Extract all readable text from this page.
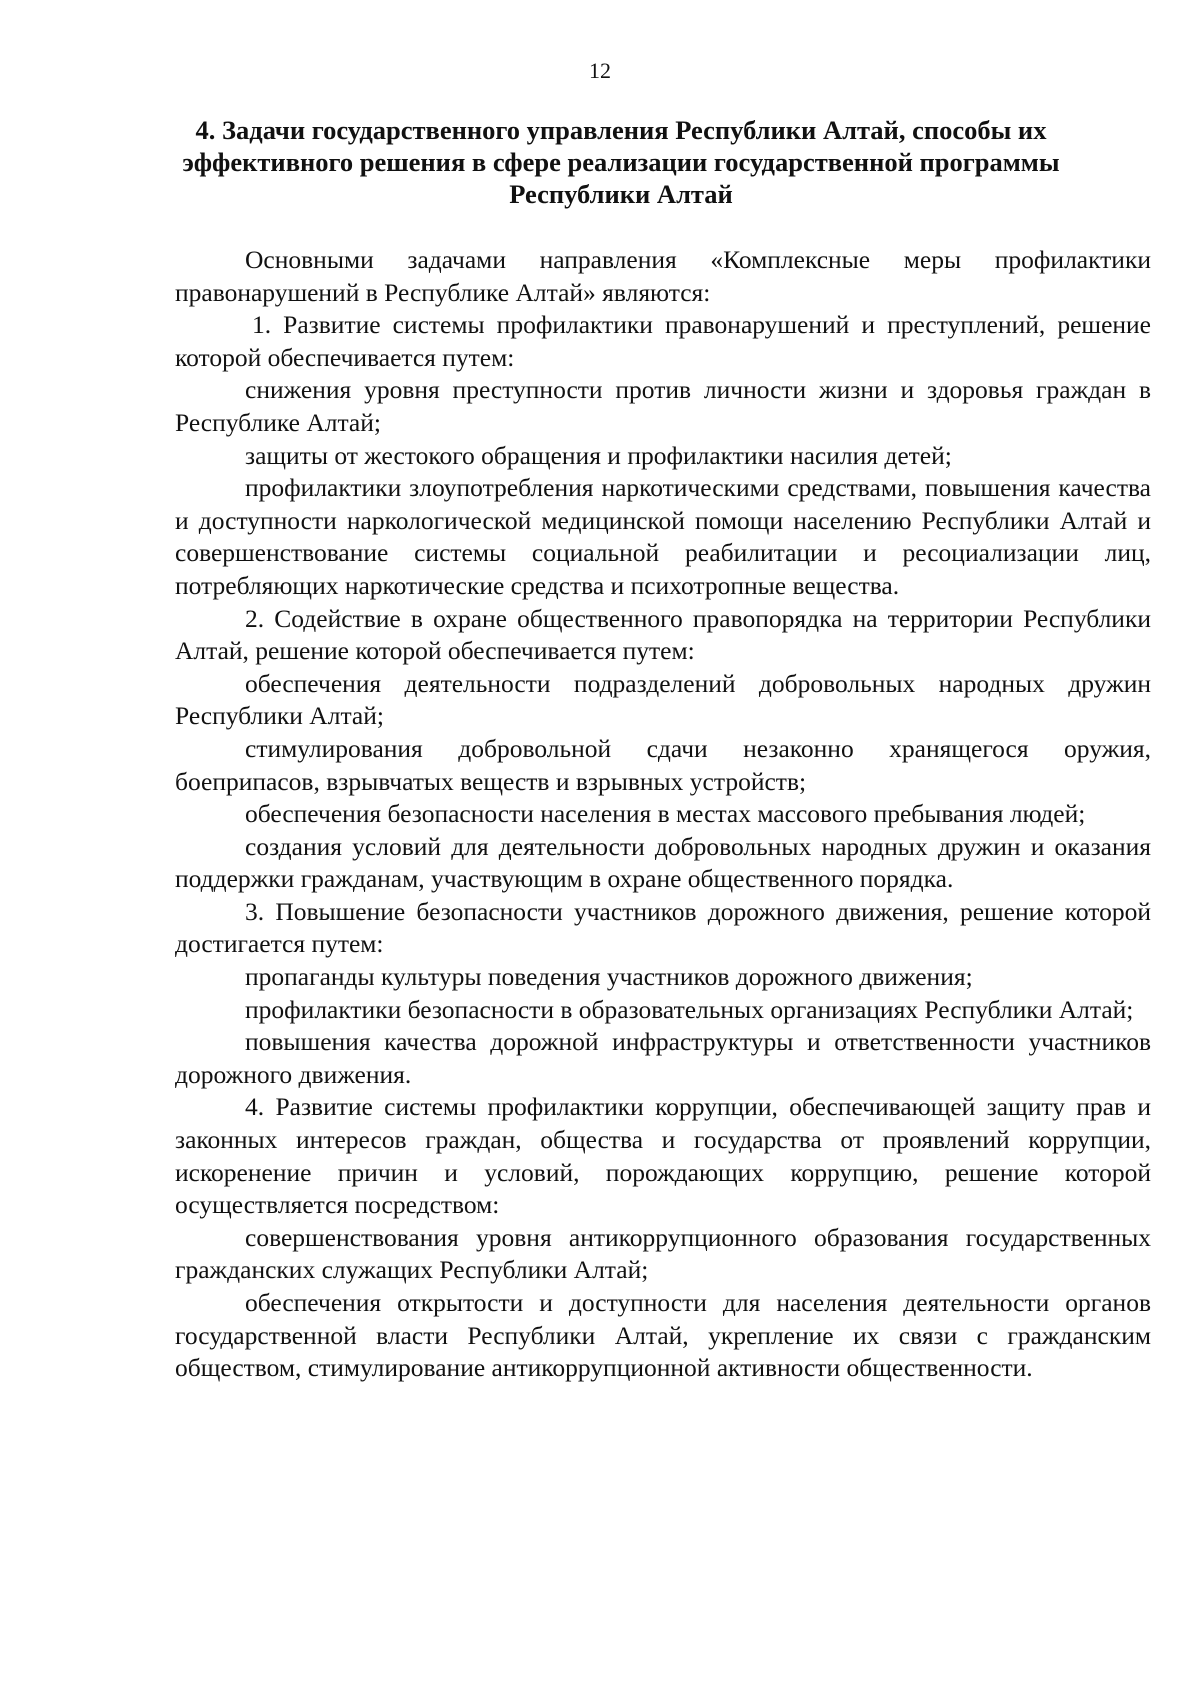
12
4. Задачи государственного управления Республики Алтай, способы их
эффективного решения в сфере реализации государственной программы
Республики Алтай

Основными задачами направления «Комплексные меры профилактики правонарушений в Республике Алтай» являются:

1. Развитие системы профилактики правонарушений и преступлений, решение которой обеспечивается путем:

снижения уровня преступности против личности жизни и здоровья граждан в Республике Алтай;

защиты от жестокого обращения и профилактики насилия детей;

профилактики злоупотребления наркотическими средствами, повышения качества и доступности наркологической медицинской помощи населению Республики Алтай и совершенствование системы социальной реабилитации и ресоциализации лиц, потребляющих наркотические средства и психотропные вещества.

2. Содействие в охране общественного правопорядка на территории Республики Алтай, решение которой обеспечивается путем:

обеспечения деятельности подразделений добровольных народных дружин Республики Алтай;

стимулирования добровольной сдачи незаконно хранящегося оружия, боеприпасов, взрывчатых веществ и взрывных устройств;

обеспечения безопасности населения в местах массового пребывания людей;

создания условий для деятельности добровольных народных дружин и оказания поддержки гражданам, участвующим в охране общественного порядка.

3. Повышение безопасности участников дорожного движения, решение которой достигается путем:

пропаганды культуры поведения участников дорожного движения;

профилактики безопасности в образовательных организациях Республики Алтай;

повышения качества дорожной инфраструктуры и ответственности участников дорожного движения.

4. Развитие системы профилактики коррупции, обеспечивающей защиту прав и законных интересов граждан, общества и государства от проявлений коррупции, искоренение причин и условий, порождающих коррупцию, решение которой осуществляется посредством:

совершенствования уровня антикоррупционного образования государственных гражданских служащих Республики Алтай;

обеспечения открытости и доступности для населения деятельности органов государственной власти Республики Алтай, укрепление их связи с гражданским обществом, стимулирование антикоррупционной активности общественности.
